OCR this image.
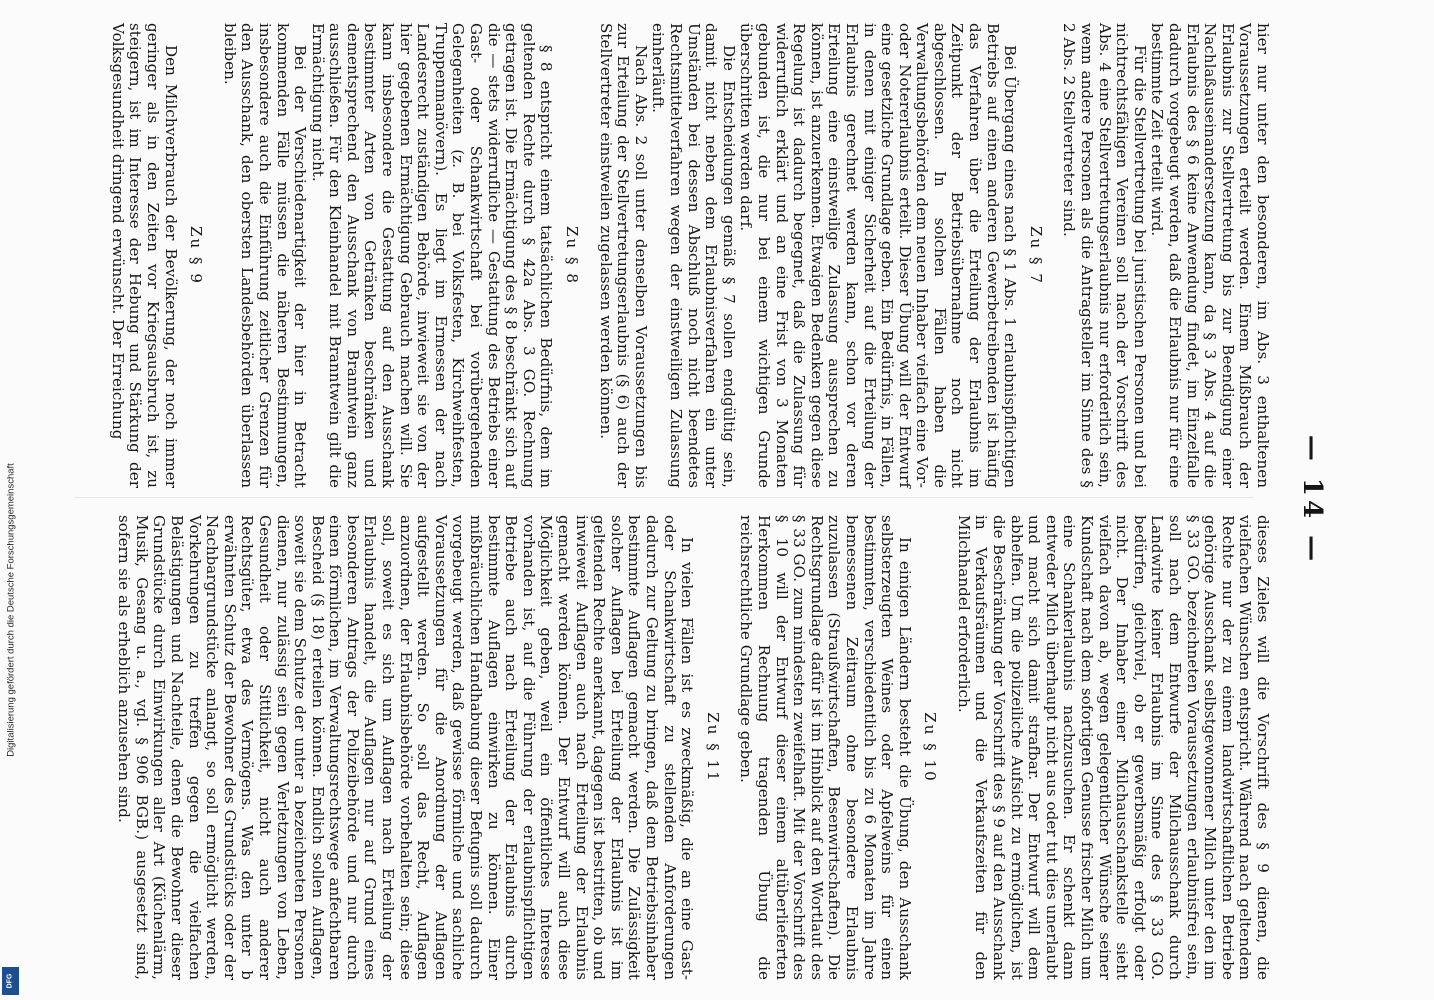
— 14 —

hier nur unter den besonderen, im Abs. 3 enthaltenen Voraussetzungen erteilt werden. Einem Mißbrauch der Erlaubnis zur Stellvertretung bis zur Beendigung einer Nachlaßauseinandersetzung kann, da § 3 Abs. 4 auf die Erlaubnis des § 6 keine Anwendung findet, im Einzelfalle dadurch vorgebeugt werden, daß die Erlaubnis nur für eine bestimmte Zeit erteilt wird.

Für die Stellvertretung bei juristischen Personen und bei nichtrechtsfähigen Vereinen soll nach der Vorschrift des Abs. 4 eine Stellvertretungserlaubnis nur erforderlich sein, wenn andere Personen als die Antragsteller im Sinne des § 2 Abs. 2 Stellvertreter sind.

Zu § 7

Bei Übergang eines nach § 1 Abs. 1 erlaubnispflichtigen Betriebs auf einen anderen Gewerbetreibenden ist häufig das Verfahren über die Erteilung der Erlaubnis im Zeitpunkt der Betriebsübernahme noch nicht abgeschlossen. In solchen Fällen haben die Verwaltungsbehörden dem neuen Inhaber vielfach eine Vor- oder Notererlaubnis erteilt. Dieser Übung will der Entwurf eine gesetzliche Grundlage geben. Ein Bedürfnis, in Fällen, in denen mit einiger Sicherheit auf die Erteilung der Erlaubnis gerechnet werden kann, schon vor deren Erteilung eine einstweilige Zulassung aussprechen zu können, ist anzuerkennen. Etwaigen Bedenken gegen diese Regelung ist dadurch begegnet, daß die Zulassung für widerruflich erklärt und an eine Frist von 3 Monaten gebunden ist, die nur bei einem wichtigen Grunde überschritten werden darf.

Die Entscheidungen gemäß § 7 sollen endgültig sein, damit nicht neben dem Erlaubnisverfahren ein unter Umständen bei dessen Abschluß noch nicht beendetes Rechtsmittelverfahren wegen der einstweiligen Zulassung einherläuft.

Nach Abs. 2 soll unter denselben Voraussetzungen bis zur Erteilung der Stellvertretungserlaubnis (§ 6) auch der Stellvertreter einstweilen zugelassen werden können.

Zu § 8

§ 8 entspricht einem tatsächlichen Bedürfnis, dem im geltenden Rechte durch § 42a Abs. 3 GO. Rechnung getragen ist. Die Ermächtigung des § 8 beschränkt sich auf die — stets widerrufliche — Gestattung des Betriebs einer Gast- oder Schankwirtschaft bei vorübergehenden Gelegenheiten (z. B. bei Volksfesten, Kirchweihfesten, Truppenmanövern). Es liegt im Ermessen der nach Landesrecht zuständigen Behörde, inwieweit sie von der hier gegebenen Ermächtigung Gebrauch machen will. Sie kann insbesondere die Gestattung auf den Ausschank bestimmter Arten von Getränken beschränken und dementsprechend den Ausschank von Branntwein ganz ausschließen. Für den Kleinhandel mit Branntwein gilt die Ermächtigung nicht.

Bei der Verschiedenartigkeit der hier in Betracht kommenden Fälle müssen die näheren Bestimmungen, insbesondere auch die Einführung zeitlicher Grenzen für den Ausschank, den obersten Landesbehörden überlassen bleiben.

Zu § 9

Den Milchverbrauch der Bevölkerung, der noch immer geringer als in den Zeiten vor Kriegsausbruch ist, zu steigern, ist im Interesse der Hebung und Stärkung der Volksgesundheit dringend erwünscht. Der Erreichung

dieses Zieles will die Vorschrift des § 9 dienen, die vielfachen Wünschen entspricht. Während nach geltendem Rechte nur der zu einem landwirtschaftlichen Betriebe gehörige Ausschank selbstgewonnener Milch unter den im § 33 GO. bezeichneten Voraussetzungen erlaubnisfrei sein, soll nach dem Entwurfe der Milchausschank durch Landwirte keiner Erlaubnis im Sinne des § 33 GO. bedürfen, gleichviel, ob er gewerbsmäßig erfolgt oder nicht. Der Inhaber einer Milchausschankstelle sieht vielfach davon ab, wegen gelegentlicher Wünsche seiner Kundschaft nach dem sofortigen Genusse frischer Milch um eine Schankerlaubnis nachzusuchen. Er schenkt dann entweder Milch überhaupt nicht aus oder tut dies unerlaubt und macht sich damit strafbar. Der Entwurf will dem abhelfen. Um die polizeiliche Aufsicht zu ermöglichen, ist die Beschränkung der Vorschrift des § 9 auf den Ausschank in Verkaufsräumen und die Verkaufszeiten für den Milchhandel erforderlich.

Zu § 10

In einigen Ländern besteht die Übung, den Ausschank selbsterzeugten Weines oder Apfelweins für einen bestimmten, verschiedentlich bis zu 6 Monaten im Jahre bemessenen Zeitraum ohne besondere Erlaubnis zuzulassen (Straußwirtschaften, Besenwirtschaften). Die Rechtsgrundlage dafür ist im Hinblick auf den Wortlaut des § 33 GO. zum mindesten zweifelhaft. Mit der Vorschrift des § 10 will der Entwurf dieser einem altüberlieferten Herkommen Rechnung tragenden Übung die reichsrechtliche Grundlage geben.

Zu § 11

In vielen Fällen ist es zweckmäßig, die an eine Gast- oder Schankwirtschaft zu stellenden Anforderungen dadurch zur Geltung zu bringen, daß dem Betriebsinhaber bestimmte Auflagen gemacht werden. Die Zulässigkeit solcher Auflagen bei Erteilung der Erlaubnis ist im geltenden Rechte anerkannt, dagegen ist bestritten, ob und inwieweit Auflagen auch nach Erteilung der Erlaubnis gemacht werden können. Der Entwurf will auch diese Möglichkeit geben, weil ein öffentliches Interesse vorhanden ist, auf die Führung der erlaubnispflichtigen Betriebe auch nach Erteilung der Erlaubnis durch bestimmte Auflagen einwirken zu können. Einer mißbräuchlichen Handhabung dieser Befugnis soll dadurch vorgebeugt werden, daß gewisse förmliche und sachliche Voraussetzungen für die Anordnung der Auflagen aufgestellt werden. So soll das Recht, Auflagen anzuordnen, der Erlaubnisbehörde vorbehalten sein; diese soll, soweit es sich um Auflagen nach Erteilung der Erlaubnis handelt, die Auflagen nur auf Grund eines besonderen Antrags der Polizeibehörde und nur durch einen förmlichen, im Verwaltungsrechtswege anfechtbaren Bescheid (§ 18) erteilen können. Endlich sollen Auflagen, soweit sie dem Schutze der unter a bezeichneten Personen dienen, nur zulässig sein gegen Verletzungen von Leben, Gesundheit oder Sittlichkeit, nicht auch anderer Rechtsgüter, etwa des Vermögens. Was den unter b erwähnten Schutz der Bewohner des Grundstücks oder der Nachbargrundstücke anlangt, so soll ermöglicht werden, Vorkehrungen zu treffen gegen die vielfachen Belästigungen und Nachteile, denen die Bewohner dieser Grundstücke durch Einwirkungen aller Art (Küchenlärm, Musik, Gesang u. a., vgl. § 906 BGB.) ausgesetzt sind, sofern sie als erheblich anzusehen sind.

Digitalisierung gefördert durch die Deutsche Forschungsgemeinschaft
DFG
